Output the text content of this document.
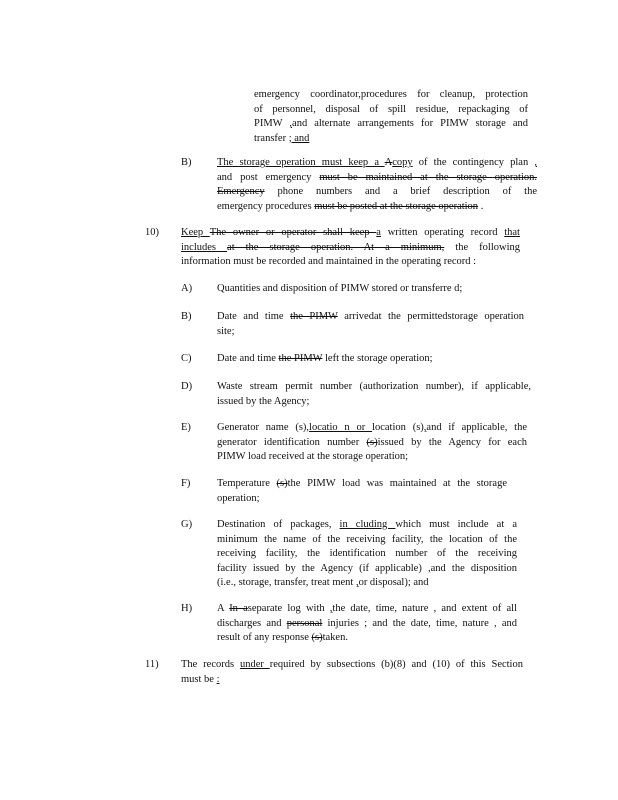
emergency coordinator,procedures for cleanup, protection
of personnel, disposal of spill residue, repackaging of
PIMW ,and alternate arrangements for PIMW storage and
transfer ; and
B) The storage operation must keep a Acopy of the contingency plan ,
and post emergency must be maintained at the storage operation.
Emergency phone numbers and a brief description of the
emergency procedures must be posted at the storage operation .
10) Keep The owner or operator shall keep a written operating record that
includes at the storage operation. At a minimum, the following
information must be recorded and maintained in the operating record :
A) Quantities and disposition of PIMW stored or transferre d;
B) Date and time the PIMW arrivedat the permittedstorage operation
site;
C) Date and time the PIMW left the storage operation;
D) Waste stream permit number (authorization number), if applicable,
issued by the Agency;
E) Generator name (s),locatio n or location (s),and if applicable, the
generator identification number (s)issued by the Agency for each
PIMW load received at the storage operation;
F)	Temperature (s)the PIMW load was maintained at the storage
operation;
G) Destination of packages, in cluding which must include at a
minimum the name of the receiving facility, the location of the
receiving facility, the identification number of the receiving
facility issued by the Agency (if applicable) ,and the disposition
(i.e., storage, transfer, treat ment ,or disposal); and
H) A In aseparate log with ,the date, time, nature , and extent of all
discharges and personal injuries ; and the date, time, nature , and
result of any response (s)taken.
11) The records under required by subsections (b)(8) and (10) of this Section
must be :
